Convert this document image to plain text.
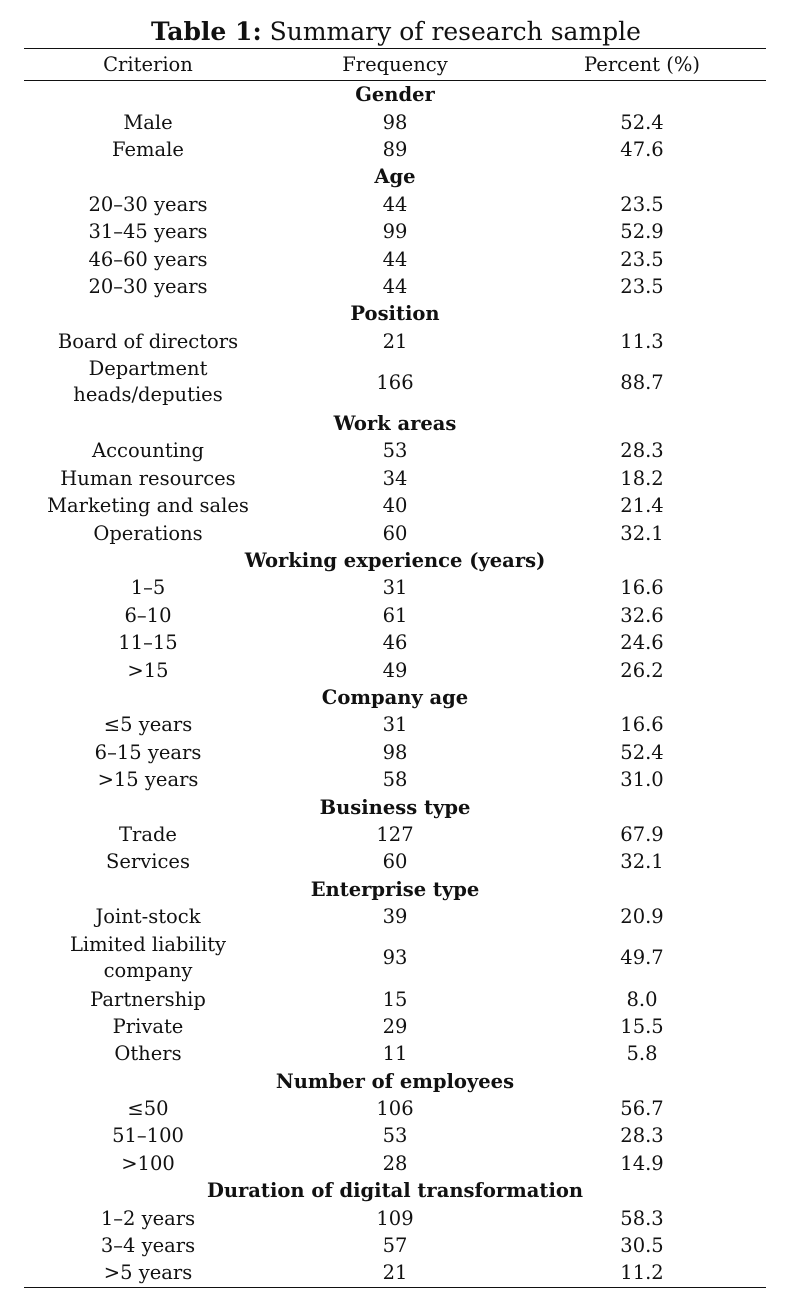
Table 1: Summary of research sample
Criterion	Frequency	Percent (%)
Gender		
Male	98	52.4
Female	89	47.6
Age		
20–30 years	44	23.5
31–45 years	99	52.9
46–60 years	44	23.5
20–30 years	44	23.5
Position		
Board of directors	21	11.3
Department
heads/deputies	166	88.7
Work areas		
Accounting	53	28.3
Human resources	34	18.2
Marketing and sales	40	21.4
Operations	60	32.1
Working experience (years)		
1–5	31	16.6
6–10	61	32.6
11–15	46	24.6
>15	49	26.2
Company age		
≤5 years	31	16.6
6–15 years	98	52.4
>15 years	58	31.0
Business type		
Trade	127	67.9
Services	60	32.1
Enterprise type		
Joint-stock	39	20.9
Limited liability
company	93	49.7
Partnership	15	8.0
Private	29	15.5
Others	11	5.8
Number of employees		
≤50	106	56.7
51–100	53	28.3
>100	28	14.9
Duration of digital transformation		
1–2 years	109	58.3
3–4 years	57	30.5
>5 years	21	11.2
